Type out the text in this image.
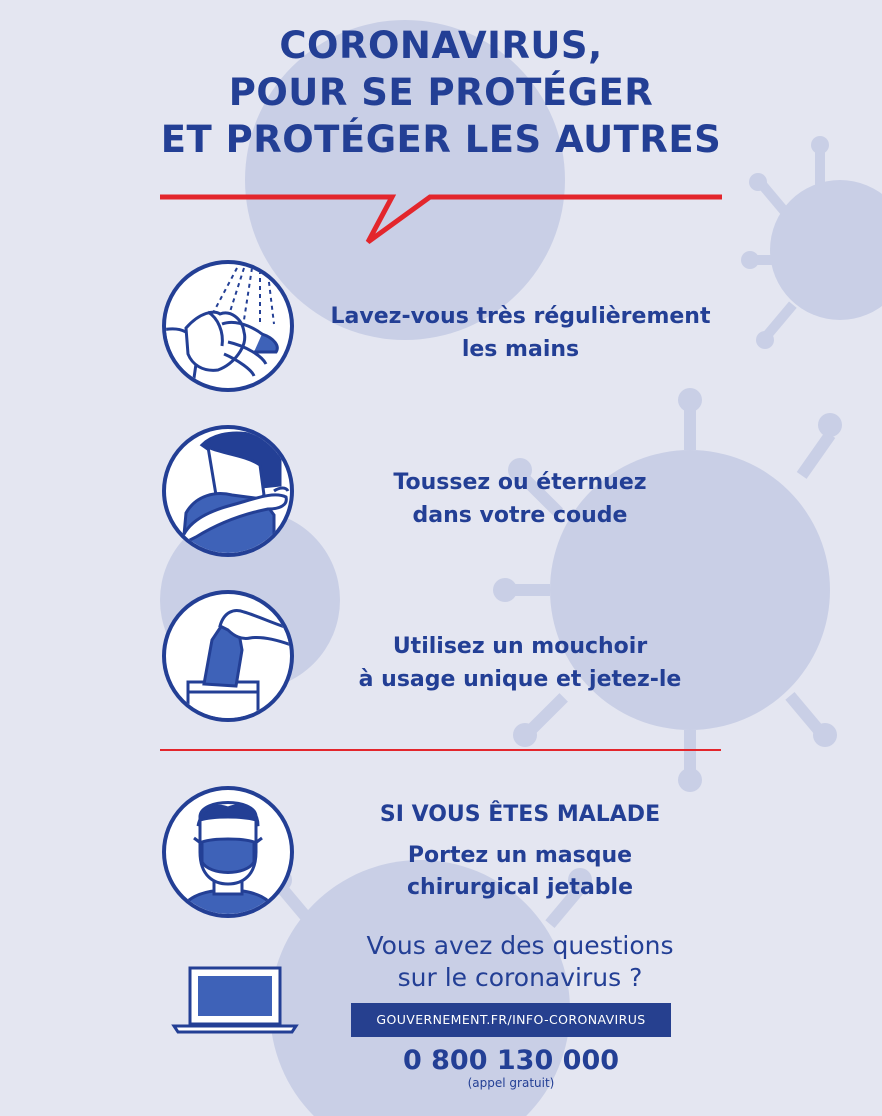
CORONAVIRUS,
POUR SE PROTÉGER
ET PROTÉGER LES AUTRES
Lavez-vous très régulièrement
les mains
Toussez ou éternuez
dans votre coude
Utilisez un mouchoir
à usage unique et jetez-le
SI VOUS ÊTES MALADE
Portez un masque
chirurgical jetable
Vous avez des questions
sur le coronavirus ?
GOUVERNEMENT.FR/INFO-CORONAVIRUS
0 800 130 000
(appel gratuit)
